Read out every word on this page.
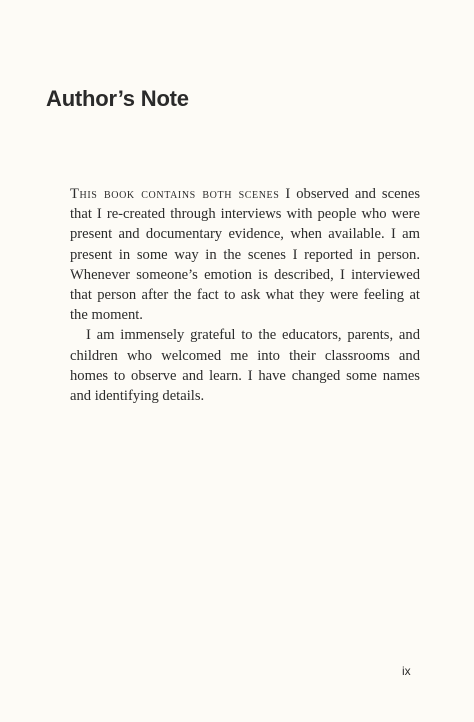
Author’s Note

This book contains both scenes I observed and scenes that I re-created through interviews with people who were present and documentary evidence, when available. I am present in some way in the scenes I reported in person. Whenever someone’s emotion is described, I interviewed that person after the fact to ask what they were feeling at the moment.

I am immensely grateful to the educators, parents, and children who welcomed me into their classrooms and homes to observe and learn. I have changed some names and identifying details.

ix
